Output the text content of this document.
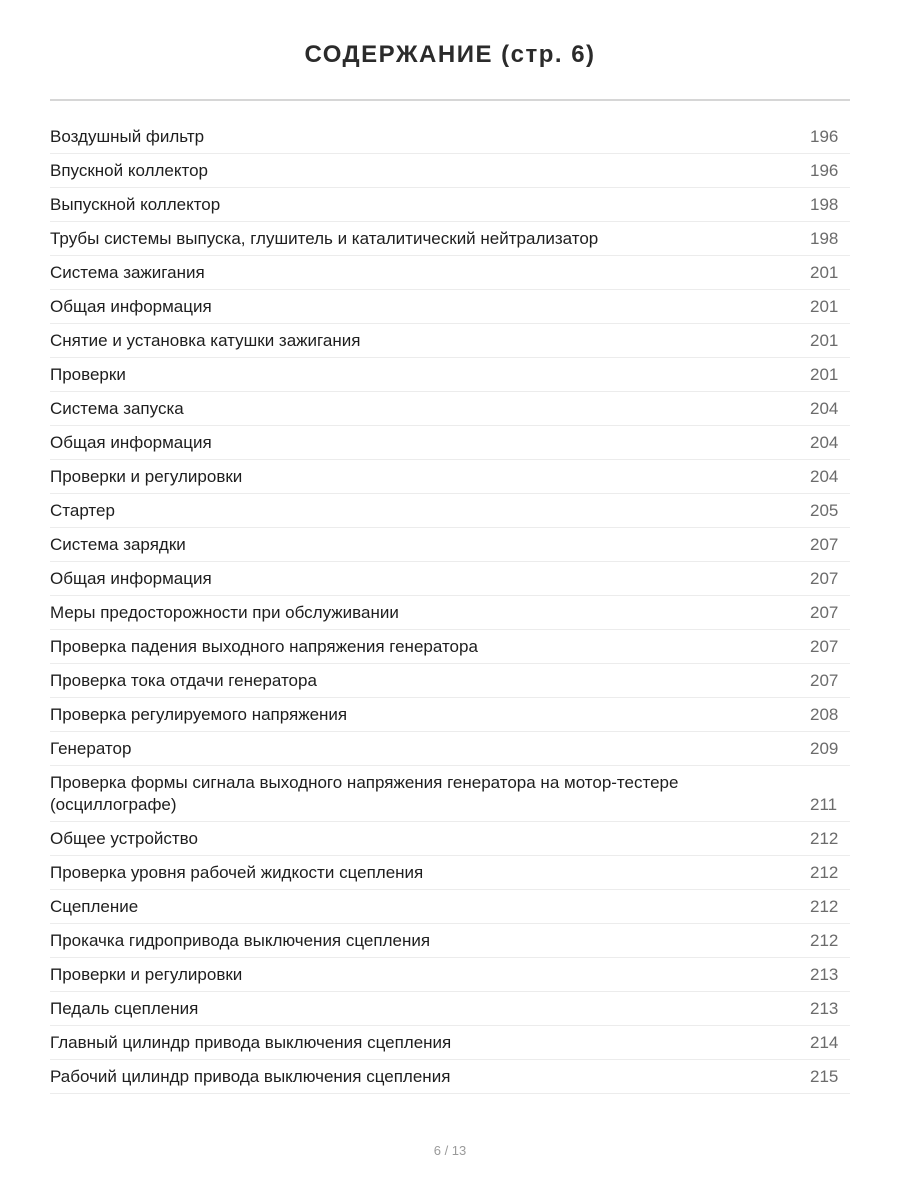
СОДЕРЖАНИЕ (стр. 6)
Воздушный фильтр	196
Впускной коллектор	196
Выпускной коллектор	198
Трубы системы выпуска, глушитель и каталитический нейтрализатор	198
Система зажигания	201
Общая информация	201
Снятие и установка катушки зажигания	201
Проверки	201
Система запуска	204
Общая информация	204
Проверки и регулировки	204
Стартер	205
Система зарядки	207
Общая информация	207
Меры предосторожности при обслуживании	207
Проверка падения выходного напряжения генератора	207
Проверка тока отдачи генератора	207
Проверка регулируемого напряжения	208
Генератор	209
Проверка формы сигнала выходного напряжения генератора на мотор-тестере (осциллографе)	211
Общее устройство	212
Проверка уровня рабочей жидкости сцепления	212
Сцепление	212
Прокачка гидропривода выключения сцепления	212
Проверки и регулировки	213
Педаль сцепления	213
Главный цилиндр привода выключения сцепления	214
Рабочий цилиндр привода выключения сцепления	215
6 / 13
